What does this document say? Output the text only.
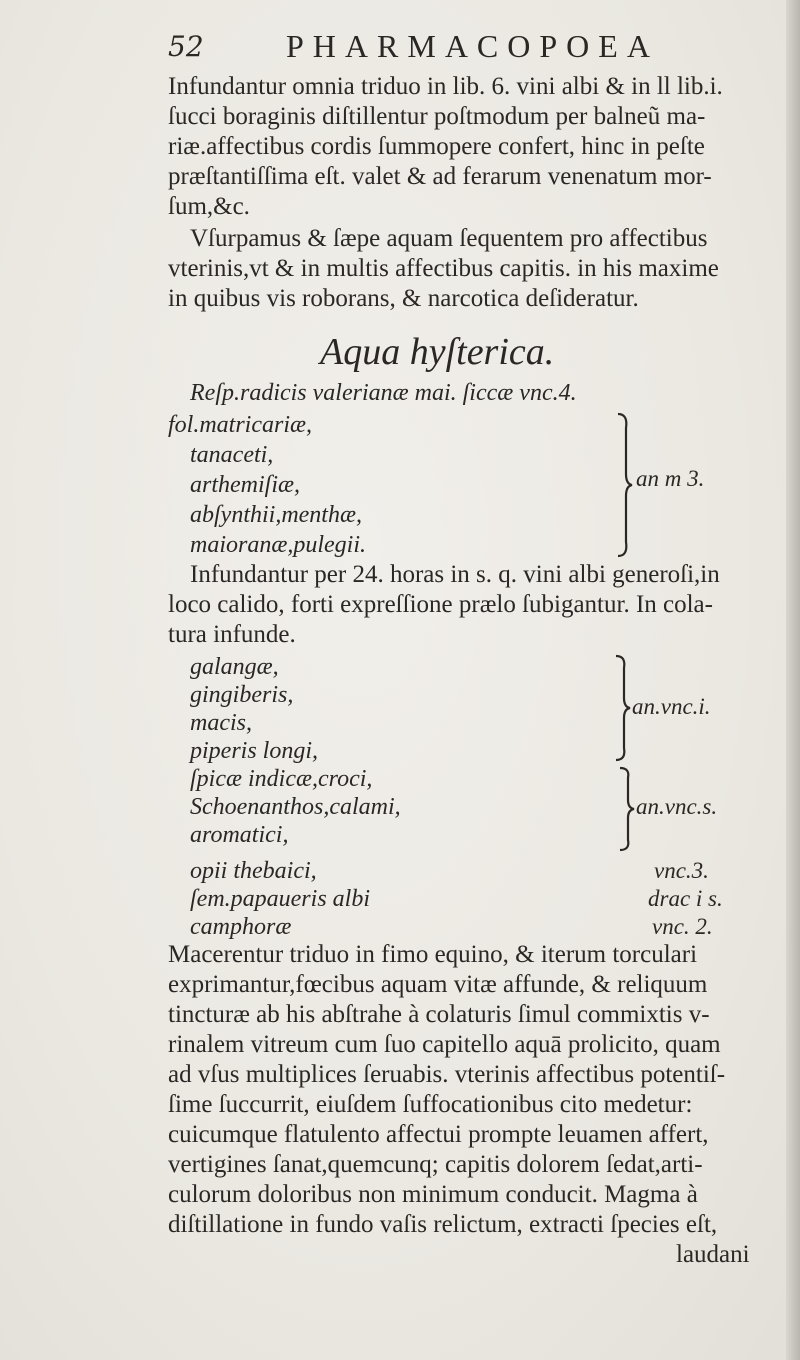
52	PHARMACOPOEA
Infundantur omnia triduo in lib. 6. vini albi & in ll lib.i.
ſucci boraginis diſtillentur poſtmodum per balneũ ma-
riæ.affectibus cordis ſummopere confert, hinc in peſte
præſtantiſſima eſt. valet & ad ferarum venenatum mor-
ſum,&c.
Vſurpamus & ſæpe aquam ſequentem pro affectibus
vterinis,vt & in multis affectibus capitis. in his maxime
in quibus vis roborans, & narcotica deſideratur.
Aqua hyſterica.
Reſp.radicis valerianæ mai. ſiccæ vnc.4.
fol.matricariæ,
tanaceti,
arthemiſiæ,
abſynthii,menthæ,
maioranæ,pulegii.
an m 3.
Infundantur per 24. horas in s. q. vini albi generoſi,in
loco calido, forti expreſſione prælo ſubigantur. In cola-
tura infunde.
galangæ,
gingiberis,
macis,
piperis longi,
an.vnc.i.
ſpicæ indicæ,croci,
Schoenanthos,calami,
aromatici,
an.vnc.s.
opii thebaici,	vnc.3.
ſem.papaueris albi	drac i s.
camphoræ	vnc. 2.
Macerentur triduo in fimo equino, & iterum torculari
exprimantur,fœcibus aquam vitæ affunde, & reliquum
tincturæ ab his abſtrahe à colaturis ſimul commixtis v-
rinalem vitreum cum ſuo capitello aquā prolicito, quam
ad vſus multiplices ſeruabis. vterinis affectibus potentiſ-
ſime ſuccurrit, eiuſdem ſuffocationibus cito medetur:
cuicumque flatulento affectui prompte leuamen affert,
vertigines ſanat,quemcunq; capitis dolorem ſedat,arti-
culorum doloribus non minimum conducit. Magma à
diſtillatione in fundo vaſis relictum, extracti ſpecies eſt,
laudani
